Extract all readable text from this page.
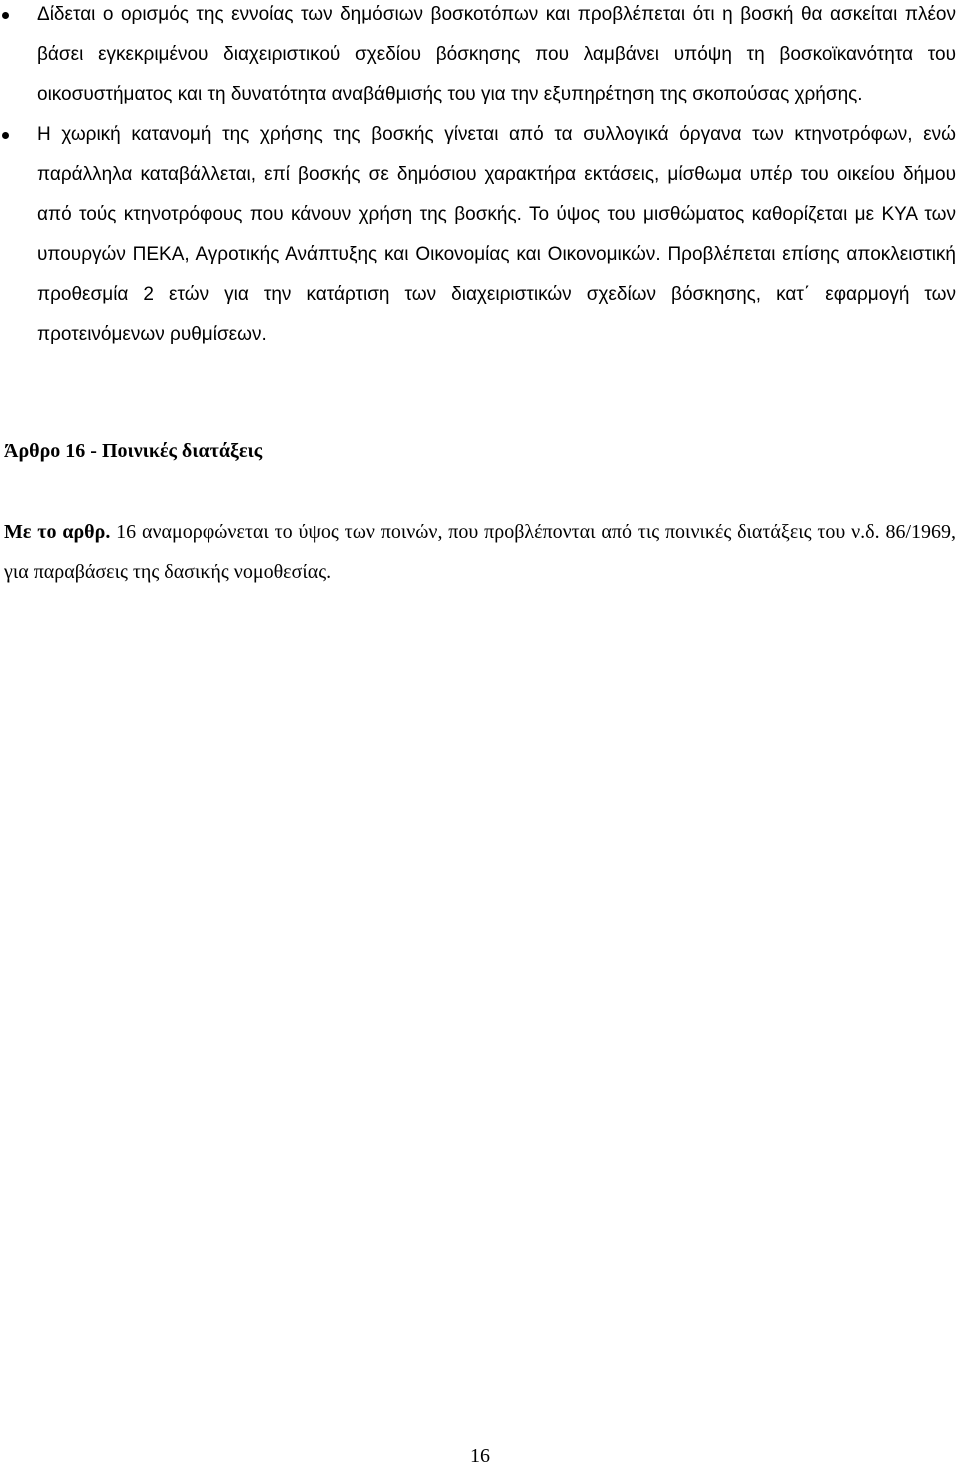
Δίδεται ο ορισμός της εννοίας των δημόσιων βοσκοτόπων και προβλέπεται ότι η βοσκή θα ασκείται πλέον βάσει εγκεκριμένου διαχειριστικού σχεδίου βόσκησης που λαμβάνει υπόψη τη βοσκοϊκανότητα του οικοσυστήματος και τη δυνατότητα αναβάθμισής του για την εξυπηρέτηση της σκοπούσας χρήσης.
Η χωρική κατανομή της χρήσης της βοσκής γίνεται από τα συλλογικά όργανα των κτηνοτρόφων, ενώ παράλληλα καταβάλλεται, επί βοσκής σε δημόσιου χαρακτήρα εκτάσεις, μίσθωμα υπέρ του οικείου δήμου από τούς κτηνοτρόφους που κάνουν χρήση της βοσκής. Το ύψος του μισθώματος καθορίζεται με ΚΥΑ των υπουργών ΠΕΚΑ, Αγροτικής Ανάπτυξης και Οικονομίας και Οικονομικών. Προβλέπεται επίσης αποκλειστική προθεσμία 2 ετών για την κατάρτιση των διαχειριστικών σχεδίων βόσκησης, κατ΄ εφαρμογή των προτεινόμενων ρυθμίσεων.
Άρθρο 16 - Ποινικές διατάξεις

Με το αρθρ. 16 αναμορφώνεται το ύψος των ποινών, που προβλέπονται από τις ποινικές διατάξεις του ν.δ. 86/1969, για παραβάσεις της δασικής νομοθεσίας.

16
